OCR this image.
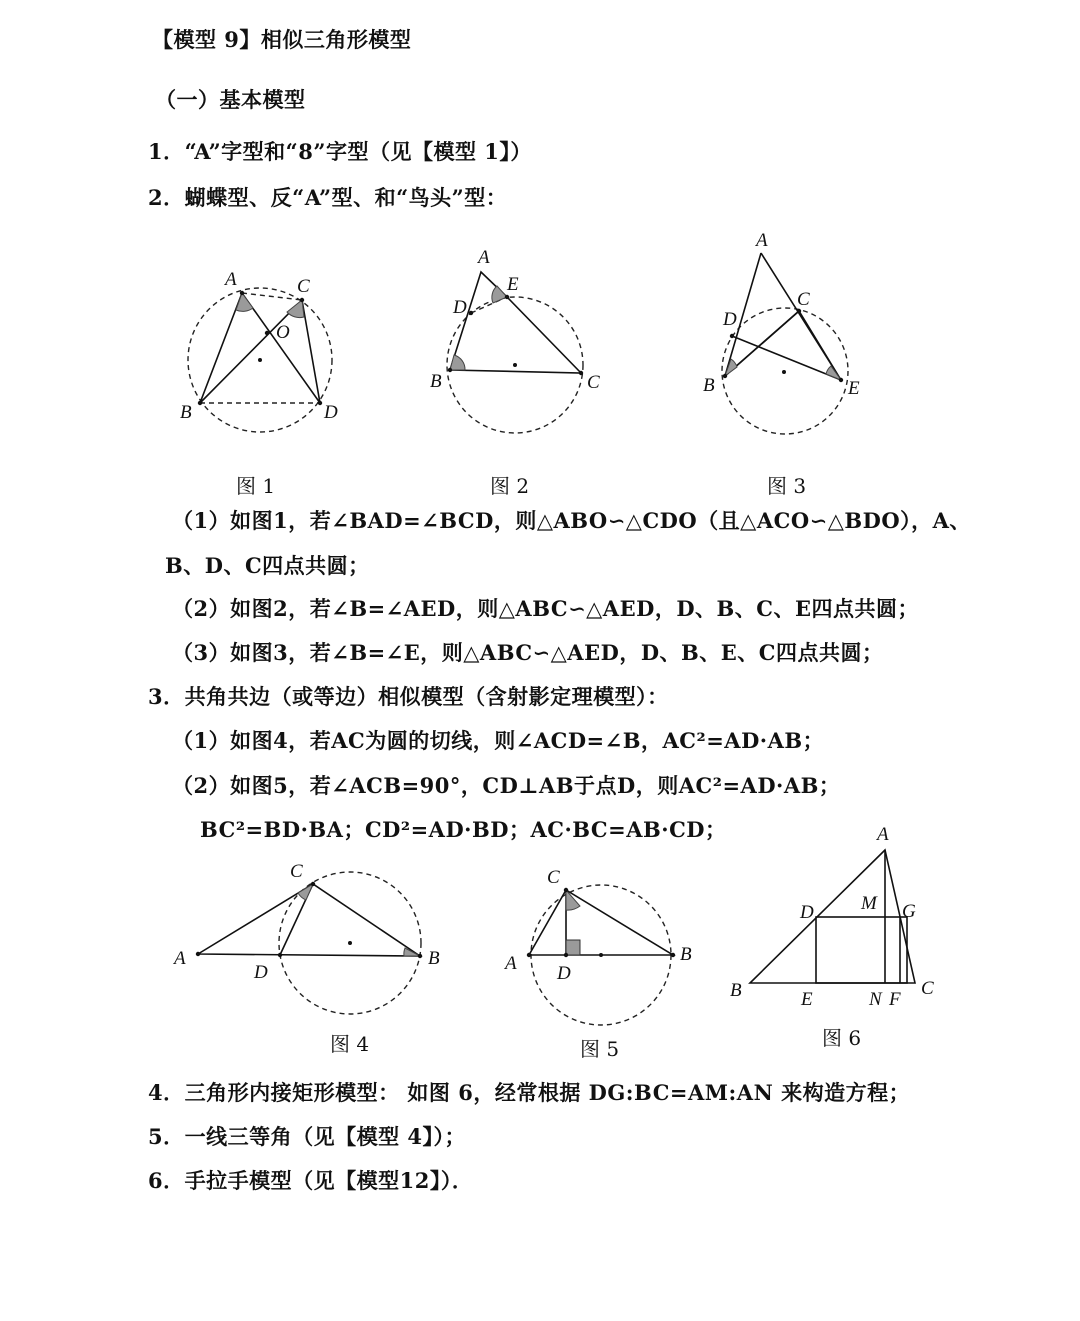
【模型 9】相似三角形模型
（一）基本模型
1．“A”字型和“8”字型（见【模型 1】）
2．蝴蝶型、反“A”型、和“鸟头”型：
A	C
O
B	D
图 1
A
E
D
B	C
图 2
A
C
D
B	E
图 3
（1）如图1，若∠BAD=∠BCD，则△ABO∽△CDO（且△ACO∽△BDO），A、
B、D、C四点共圆；
（2）如图2，若∠B=∠AED，则△ABC∽△AED，D、B、C、E四点共圆；
（3）如图3，若∠B=∠E，则△ABC∽△AED，D、B、E、C四点共圆；
3．共角共边（或等边）相似模型（含射影定理模型）：
（1）如图4，若AC为圆的切线，则∠ACD=∠B，AC²=AD·AB；
（2）如图5，若∠ACB=90°，CD⊥AB于点D，则AC²=AD·AB；
BC²=BD·BA；CD²=AD·BD；AC·BC=AB·CD；
C
A
D
B
图 4
C
A D
B
图 5
A
M
D	G
B	E	N F
C
图 6
4．三角形内接矩形模型： 如图 6，经常根据 DG:BC=AM:AN 来构造方程；
5．一线三等角（见【模型 4】）；
6．手拉手模型（见【模型12】）．
